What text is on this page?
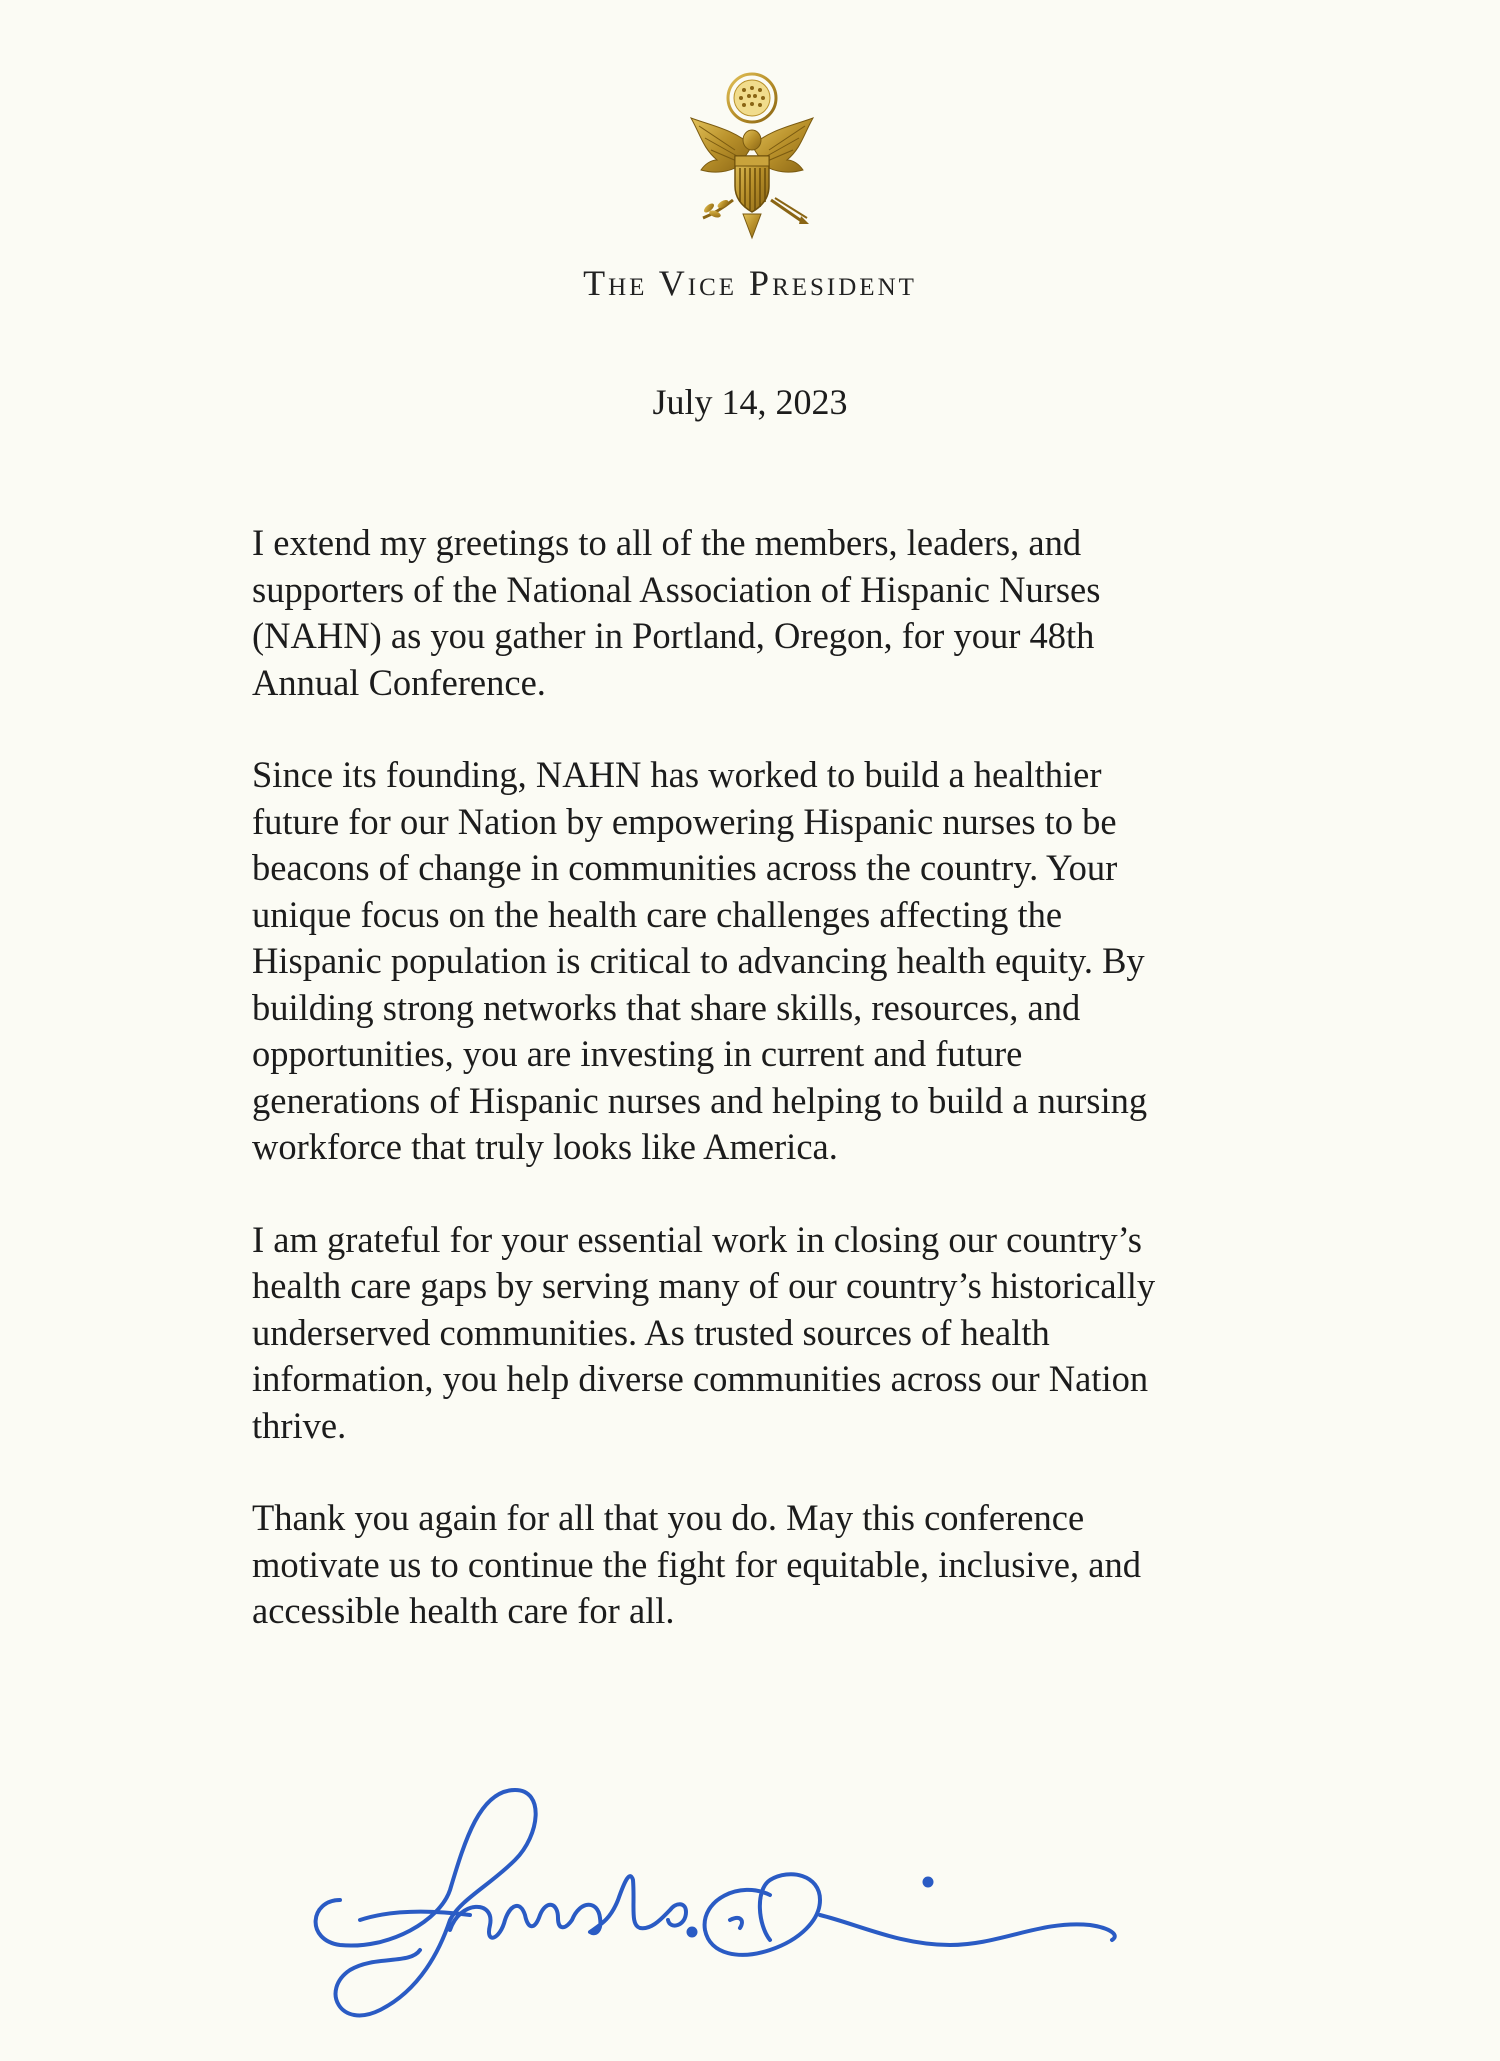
The Vice President
July 14, 2023

I extend my greetings to all of the members, leaders, and
supporters of the National Association of Hispanic Nurses
(NAHN) as you gather in Portland, Oregon, for your 48th
Annual Conference.

Since its founding, NAHN has worked to build a healthier
future for our Nation by empowering Hispanic nurses to be
beacons of change in communities across the country. Your
unique focus on the health care challenges affecting the
Hispanic population is critical to advancing health equity. By
building strong networks that share skills, resources, and
opportunities, you are investing in current and future
generations of Hispanic nurses and helping to build a nursing
workforce that truly looks like America.

I am grateful for your essential work in closing our country’s
health care gaps by serving many of our country’s historically
underserved communities. As trusted sources of health
information, you help diverse communities across our Nation
thrive.

Thank you again for all that you do. May this conference
motivate us to continue the fight for equitable, inclusive, and
accessible health care for all.
